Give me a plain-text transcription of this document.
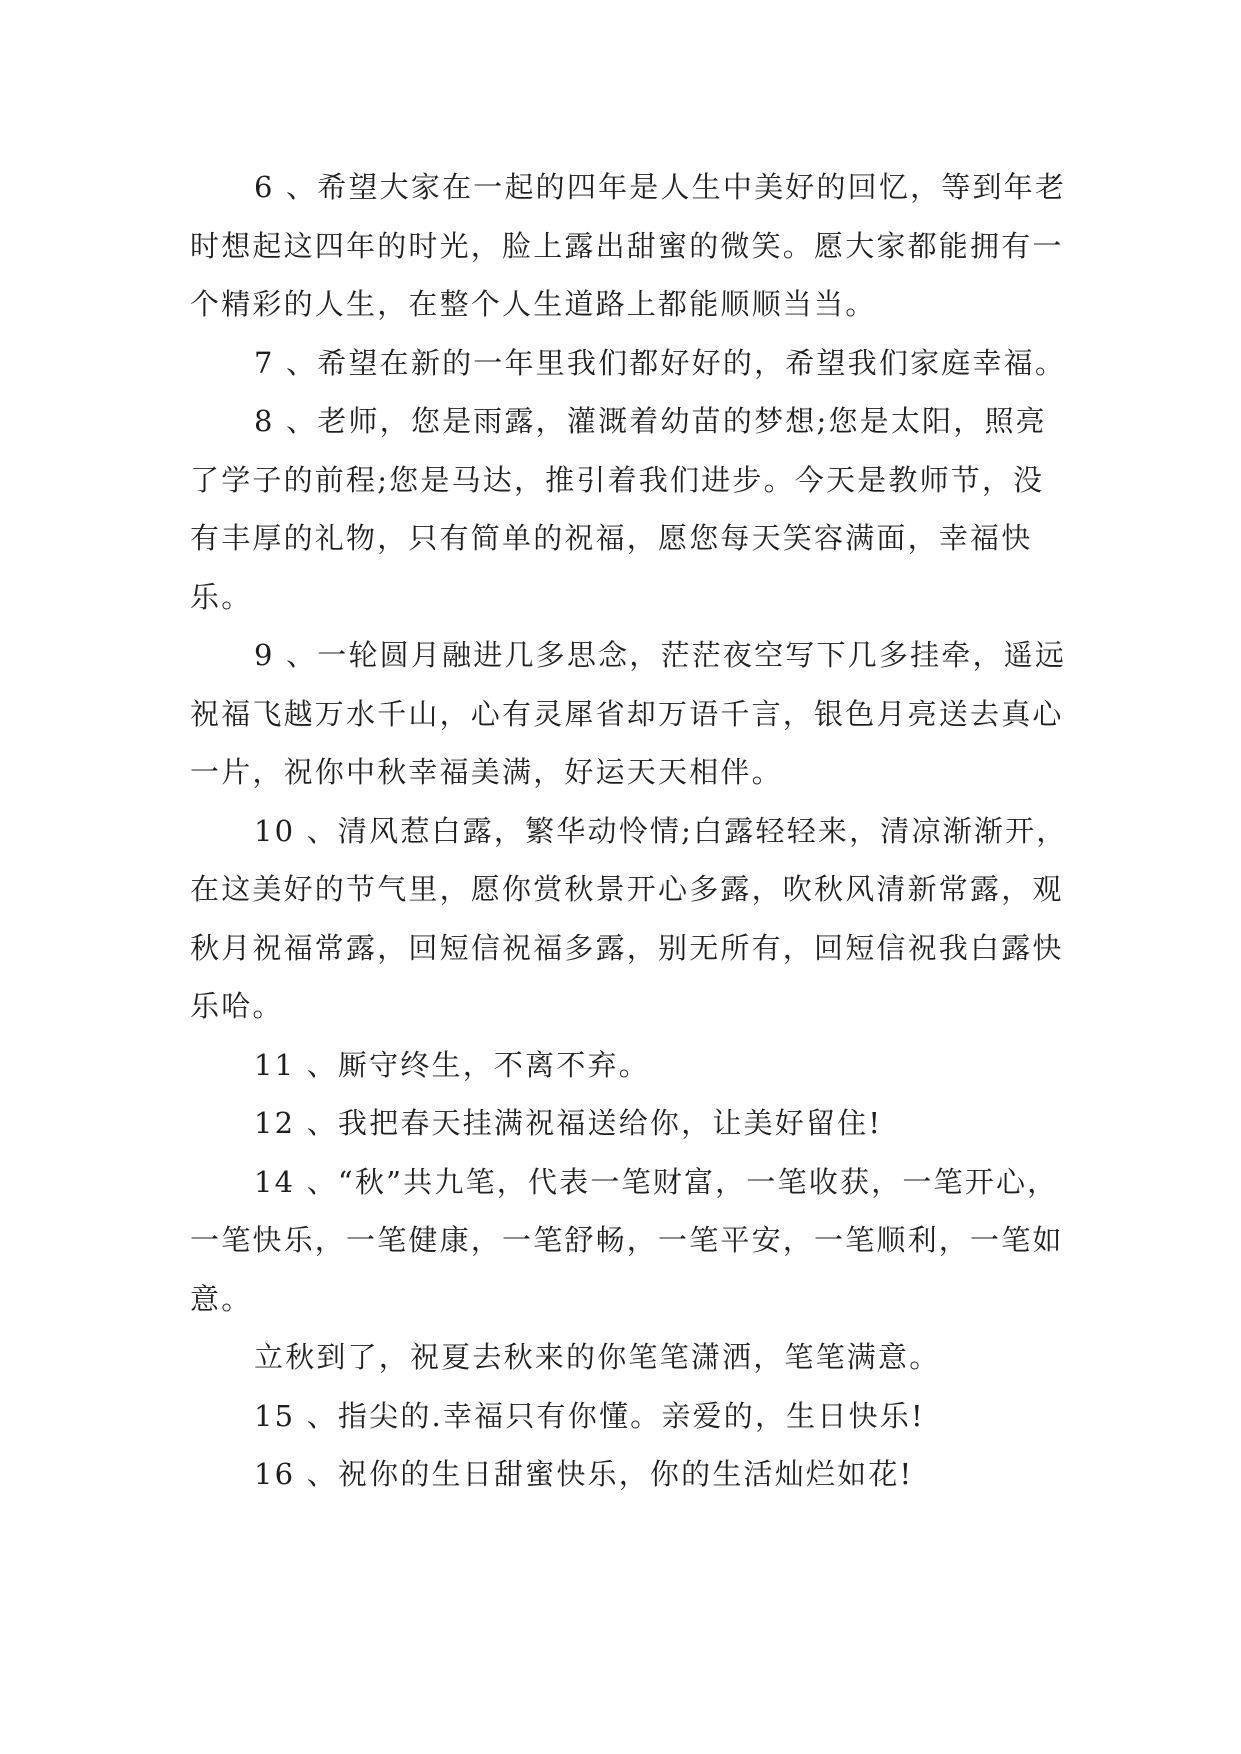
6 、希望大家在一起的四年是人生中美好的回忆，等到年老时想起这四年的时光，脸上露出甜蜜的微笑。愿大家都能拥有一个精彩的人生，在整个人生道路上都能顺顺当当。

7 、希望在新的一年里我们都好好的，希望我们家庭幸福。

8 、老师，您是雨露，灌溉着幼苗的梦想;您是太阳，照亮了学子的前程;您是马达，推引着我们进步。今天是教师节，没有丰厚的礼物，只有简单的祝福，愿您每天笑容满面，幸福快乐。

9 、一轮圆月融进几多思念，茫茫夜空写下几多挂牵，遥远祝福飞越万水千山，心有灵犀省却万语千言，银色月亮送去真心一片，祝你中秋幸福美满，好运天天相伴。

10 、清风惹白露，繁华动怜情;白露轻轻来，清凉渐渐开，在这美好的节气里，愿你赏秋景开心多露，吹秋风清新常露，观秋月祝福常露，回短信祝福多露，别无所有，回短信祝我白露快乐哈。

11 、厮守终生，不离不弃。

12 、我把春天挂满祝福送给你，让美好留住!

14 、“秋”共九笔，代表一笔财富，一笔收获，一笔开心，一笔快乐，一笔健康，一笔舒畅，一笔平安，一笔顺利，一笔如意。

立秋到了，祝夏去秋来的你笔笔潇洒，笔笔满意。

15 、指尖的.幸福只有你懂。亲爱的，生日快乐!

16 、祝你的生日甜蜜快乐，你的生活灿烂如花!
